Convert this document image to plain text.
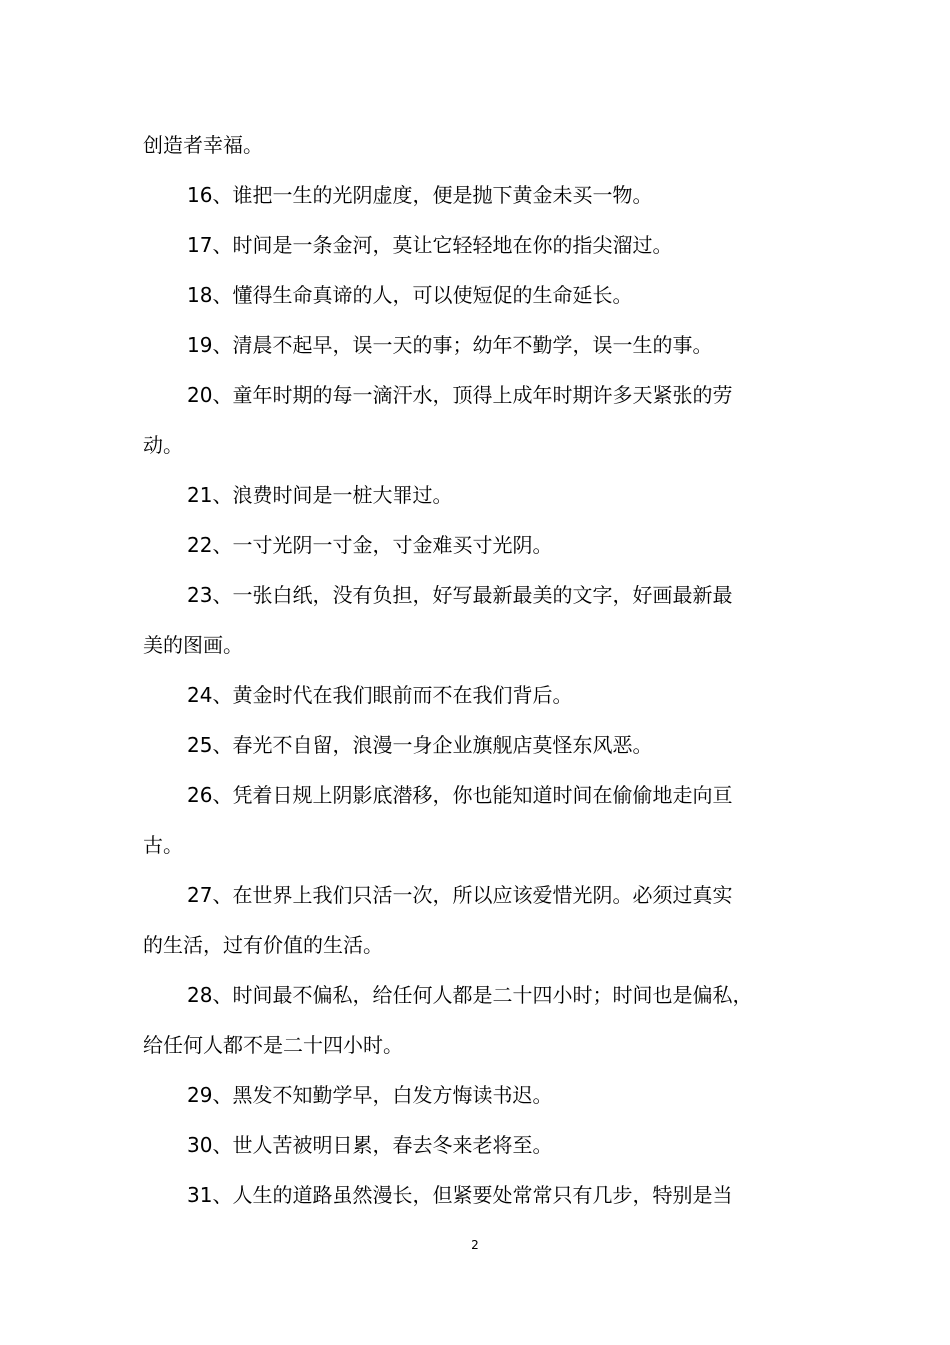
创造者幸福。
16、谁把一生的光阴虚度，便是抛下黄金未买一物。
17、时间是一条金河，莫让它轻轻地在你的指尖溜过。
18、懂得生命真谛的人，可以使短促的生命延长。
19、清晨不起早，误一天的事；幼年不勤学，误一生的事。
20、童年时期的每一滴汗水，顶得上成年时期许多天紧张的劳
动。
21、浪费时间是一桩大罪过。
22、一寸光阴一寸金，寸金难买寸光阴。
23、一张白纸，没有负担，好写最新最美的文字，好画最新最
美的图画。
24、黄金时代在我们眼前而不在我们背后。
25、春光不自留，浪漫一身企业旗舰店莫怪东风恶。
26、凭着日规上阴影底潜移，你也能知道时间在偷偷地走向亘
古。
27、在世界上我们只活一次，所以应该爱惜光阴。必须过真实
的生活，过有价值的生活。
28、时间最不偏私，给任何人都是二十四小时；时间也是偏私，
给任何人都不是二十四小时。
29、黑发不知勤学早，白发方悔读书迟。
30、世人苦被明日累，春去冬来老将至。
31、人生的道路虽然漫长，但紧要处常常只有几步，特别是当
2
